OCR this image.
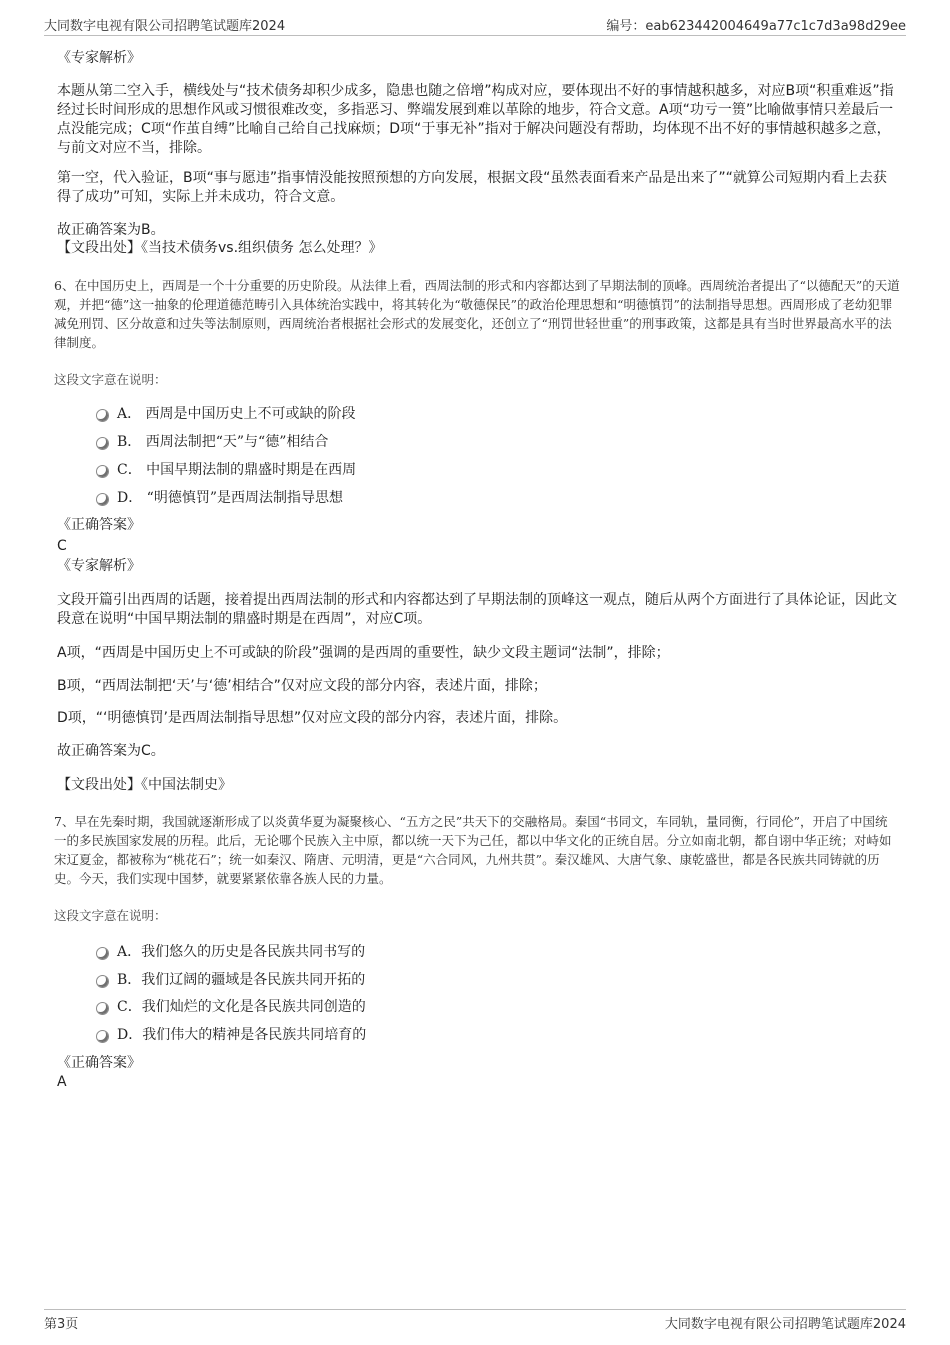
大同数字电视有限公司招聘笔试题库2024	编号：eab623442004649a77c1c7d3a98d29ee
《专家解析》
本题从第二空入手，横线处与“技术债务却积少成多，隐患也随之倍增”构成对应，要体现出不好的事情越积越多，对应B项“积重难返”指经过长时间形成的思想作风或习惯很难改变，多指恶习、弊端发展到难以革除的地步，符合文意。A项“功亏一篑”比喻做事情只差最后一点没能完成；C项“作茧自缚”比喻自己给自己找麻烦；D项“于事无补”指对于解决问题没有帮助，均体现不出不好的事情越积越多之意，与前文对应不当，排除。
第一空，代入验证，B项“事与愿违”指事情没能按照预想的方向发展，根据文段“虽然表面看来产品是出来了”“就算公司短期内看上去获得了成功”可知，实际上并未成功，符合文意。
故正确答案为B。
【文段出处】《当技术债务vs.组织债务 怎么处理？》
6、在中国历史上，西周是一个十分重要的历史阶段。从法律上看，西周法制的形式和内容都达到了早期法制的顶峰。西周统治者提出了“以德配天”的天道观，并把“德”这一抽象的伦理道德范畴引入具体统治实践中，将其转化为“敬德保民”的政治伦理思想和“明德慎罚”的法制指导思想。西周形成了老幼犯罪减免刑罚、区分故意和过失等法制原则，西周统治者根据社会形式的发展变化，还创立了“刑罚世轻世重”的刑事政策，这都是具有当时世界最高水平的法律制度。
这段文字意在说明：
A． 西周是中国历史上不可或缺的阶段
B． 西周法制把“天”与“德”相结合
C． 中国早期法制的鼎盛时期是在西周
D． “明德慎罚”是西周法制指导思想
《正确答案》
C
《专家解析》
文段开篇引出西周的话题，接着提出西周法制的形式和内容都达到了早期法制的顶峰这一观点，随后从两个方面进行了具体论证，因此文段意在说明“中国早期法制的鼎盛时期是在西周”，对应C项。
A项，“西周是中国历史上不可或缺的阶段”强调的是西周的重要性，缺少文段主题词“法制”，排除；
B项，“西周法制把‘天’与‘德’相结合”仅对应文段的部分内容，表述片面，排除；
D项，“‘明德慎罚’是西周法制指导思想”仅对应文段的部分内容，表述片面，排除。
故正确答案为C。
【文段出处】《中国法制史》
7、早在先秦时期，我国就逐渐形成了以炎黄华夏为凝聚核心、“五方之民”共天下的交融格局。秦国“书同文，车同轨，量同衡，行同伦”，开启了中国统一的多民族国家发展的历程。此后，无论哪个民族入主中原，都以统一天下为己任，都以中华文化的正统自居。分立如南北朝，都自诩中华正统；对峙如宋辽夏金，都被称为“桃花石”；统一如秦汉、隋唐、元明清，更是“六合同风，九州共贯”。秦汉雄风、大唐气象、康乾盛世，都是各民族共同铸就的历史。今天，我们实现中国梦，就要紧紧依靠各族人民的力量。
这段文字意在说明：
A．我们悠久的历史是各民族共同书写的
B．我们辽阔的疆域是各民族共同开拓的
C．我们灿烂的文化是各民族共同创造的
D．我们伟大的精神是各民族共同培育的
《正确答案》
A
第3页	大同数字电视有限公司招聘笔试题库2024
